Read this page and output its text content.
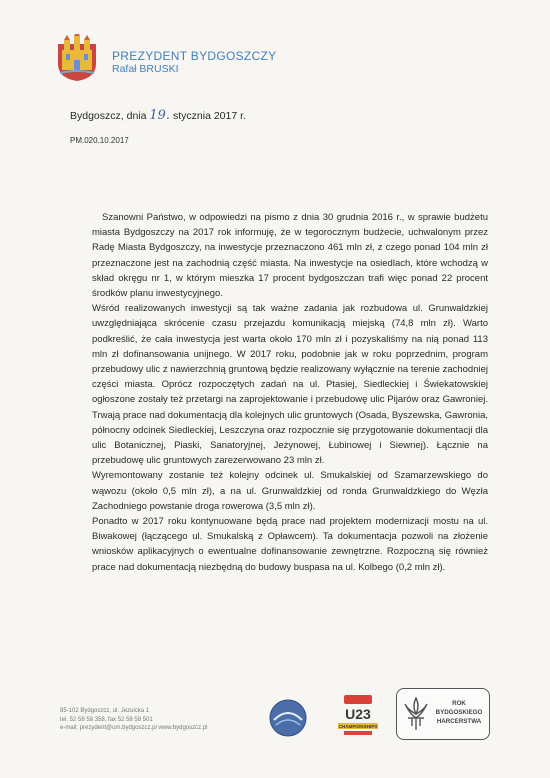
PREZYDENT BYDGOSZCZY
Rafał BRUSKI
Bydgoszcz, dnia 19. stycznia 2017 r.
PM.020.10.2017

Szanowni Państwo, w odpowiedzi na pismo z dnia 30 grudnia 2016 r., w sprawie budżetu miasta Bydgoszczy na 2017 rok informuję, że w tegorocznym budżecie, uchwalonym przez Radę Miasta Bydgoszczy, na inwestycje przeznaczono 461 mln zł, z czego ponad 104 mln zł przeznaczone jest na zachodnią część miasta. Na inwestycje na osiedlach, które wchodzą w skład okręgu nr 1, w którym mieszka 17 procent bydgoszczan trafi więc ponad 22 procent środków planu inwestycyjnego.

Wśród realizowanych inwestycji są tak ważne zadania jak rozbudowa ul. Grunwaldzkiej uwzględniająca skrócenie czasu przejazdu komunikacją miejską (74,8 mln zł). Warto podkreślić, że cała inwestycja jest warta około 170 mln zł i pozyskaliśmy na nią ponad 113 mln zł dofinansowania unijnego. W 2017 roku, podobnie jak w roku poprzednim, program przebudowy ulic z nawierzchnią gruntową będzie realizowany wyłącznie na terenie zachodniej części miasta. Oprócz rozpoczętych zadań na ul. Ptasiej, Siedleckiej i Świekatowskiej ogłoszone zostały też przetargi na zaprojektowanie i przebudowę ulic Pijarów oraz Gawroniej. Trwają prace nad dokumentacją dla kolejnych ulic gruntowych (Osada, Byszewska, Gawronia, północny odcinek Siedleckiej, Leszczyna oraz rozpocznie się przygotowanie dokumentacji dla ulic Botanicznej, Piaski, Sanatoryjnej, Jeżynowej, Łubinowej i Siewnej). Łącznie na przebudowę ulic gruntowych zarezerwowano 23 mln zł.

Wyremontowany zostanie też kolejny odcinek ul. Smukalskiej od Szamarzewskiego do wąwozu (około 0,5 mln zł), a na ul. Grunwaldzkiej od ronda Grunwaldzkiego do Węzła Zachodniego powstanie droga rowerowa (3,5 mln zł).

Ponadto w 2017 roku kontynuowane będą prace nad projektem modernizacji mostu na ul. Biwakowej (łączącego ul. Smukalską z Opławcem). Ta dokumentacja pozwoli na złożenie wniosków aplikacyjnych o ewentualne dofinansowanie zewnętrzne. Rozpoczną się również prace nad dokumentacją niezbędną do budowy buspasa na ul. Kolbego (0,2 mln zł).

85-102 Bydgoszcz, ul. Jezuicka 1
tel. 52 58 58 358, fax 52 58 58 501
e-mail: prezydent@um.bydgoszcz.pl www.bydgoszcz.pl
U23
CHAMPIONSHIPS
ROK
BYDGOSKIEGO
HARCERSTWA
